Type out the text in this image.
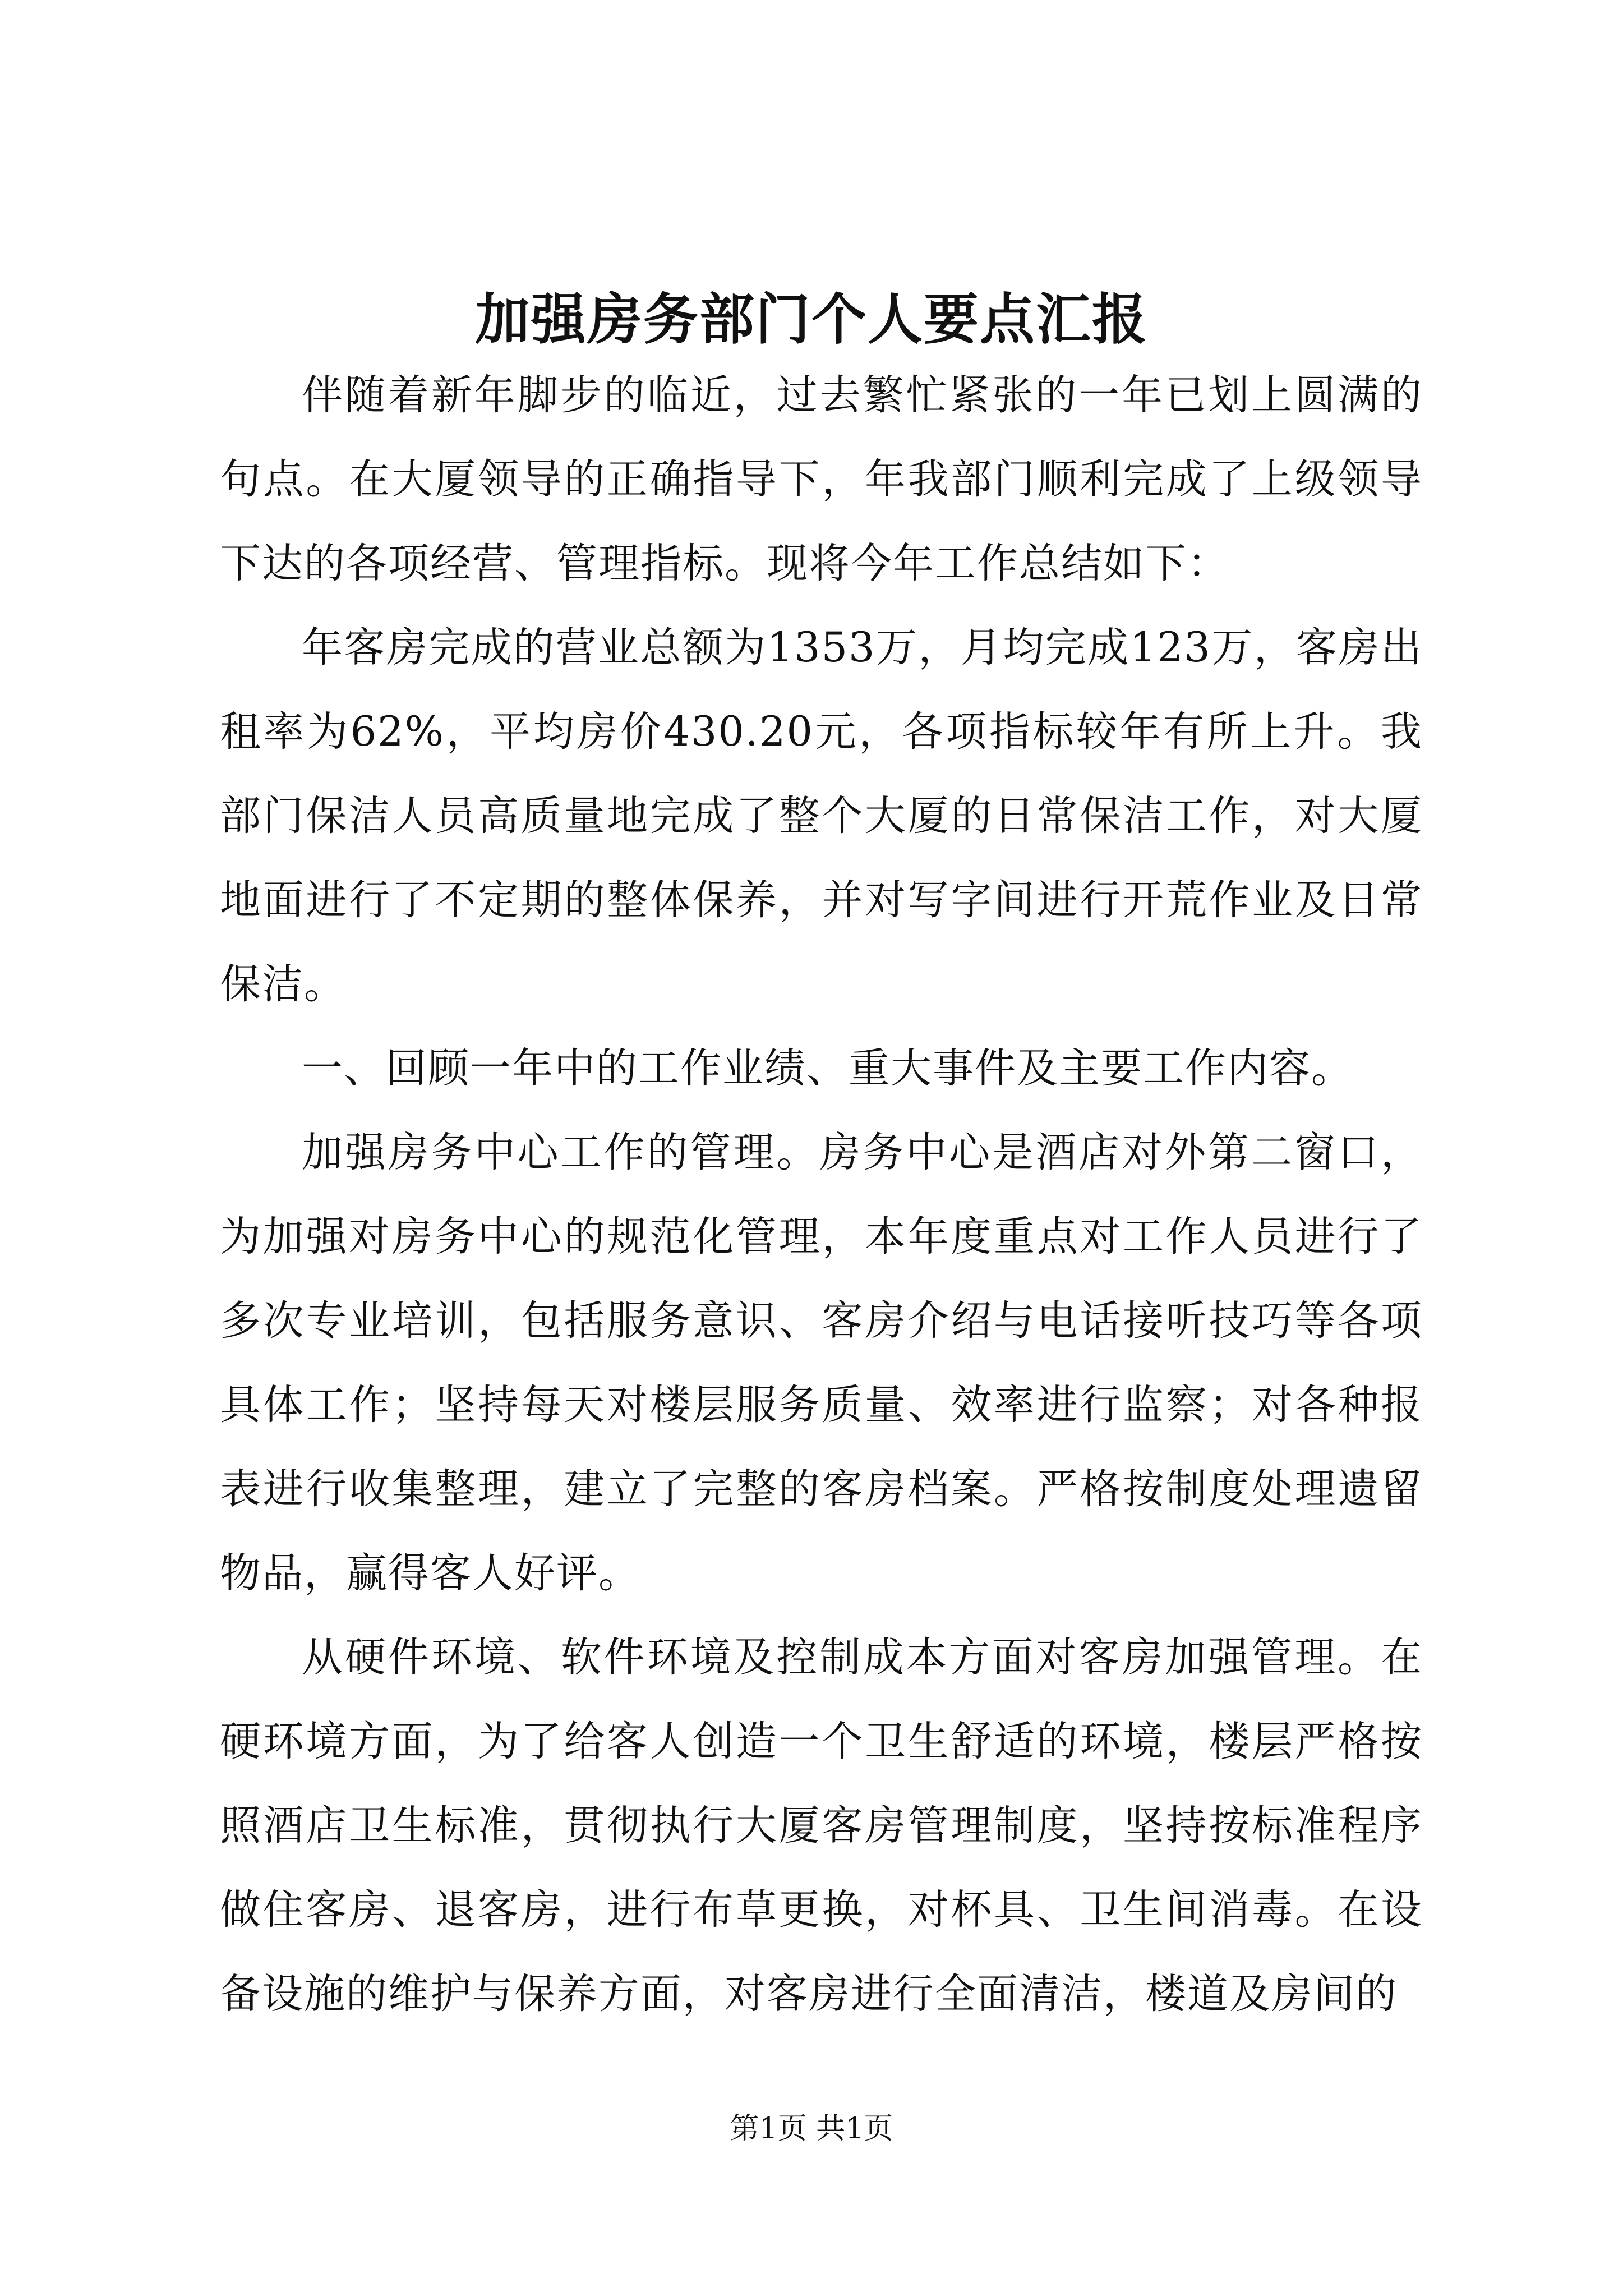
加强房务部门个人要点汇报

伴随着新年脚步的临近，过去繁忙紧张的一年已划上圆满的句点。在大厦领导的正确指导下，年我部门顺利完成了上级领导下达的各项经营、管理指标。现将今年工作总结如下：

年客房完成的营业总额为1353万，月均完成123万，客房出租率为62%，平均房价430.20元，各项指标较年有所上升。我部门保洁人员高质量地完成了整个大厦的日常保洁工作，对大厦地面进行了不定期的整体保养，并对写字间进行开荒作业及日常保洁。

一、回顾一年中的工作业绩、重大事件及主要工作内容。

加强房务中心工作的管理。房务中心是酒店对外第二窗口，为加强对房务中心的规范化管理，本年度重点对工作人员进行了多次专业培训，包括服务意识、客房介绍与电话接听技巧等各项具体工作；坚持每天对楼层服务质量、效率进行监察；对各种报表进行收集整理，建立了完整的客房档案。严格按制度处理遗留物品，赢得客人好评。

从硬件环境、软件环境及控制成本方面对客房加强管理。在硬环境方面，为了给客人创造一个卫生舒适的环境，楼层严格按照酒店卫生标准，贯彻执行大厦客房管理制度，坚持按标准程序做住客房、退客房，进行布草更换，对杯具、卫生间消毒。在设备设施的维护与保养方面，对客房进行全面清洁，楼道及房间的

第1页 共1页
